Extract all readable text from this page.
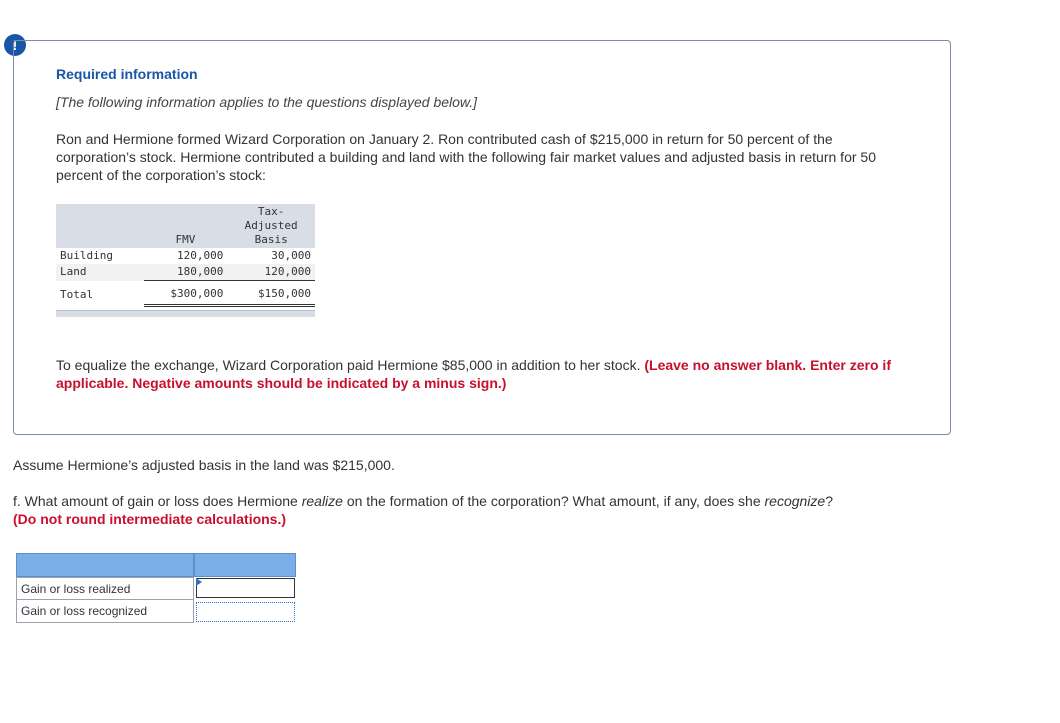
!
Required information
[The following information applies to the questions displayed below.]
Ron and Hermione formed Wizard Corporation on January 2. Ron contributed cash of $215,000 in return for 50 percent of the corporation’s stock. Hermione contributed a building and land with the following fair market values and adjusted basis in return for 50 percent of the corporation’s stock:
	FMV	Tax-
Adjusted
Basis
Building	120,000	30,000
Land	180,000	120,000
Total	$300,000	$150,000
To equalize the exchange, Wizard Corporation paid Hermione $85,000 in addition to her stock. (Leave no answer blank. Enter zero if applicable. Negative amounts should be indicated by a minus sign.)
Assume Hermione’s adjusted basis in the land was $215,000.
f. What amount of gain or loss does Hermione realize on the formation of the corporation? What amount, if any, does she recognize?
(Do not round intermediate calculations.)
Gain or loss realized
Gain or loss recognized
